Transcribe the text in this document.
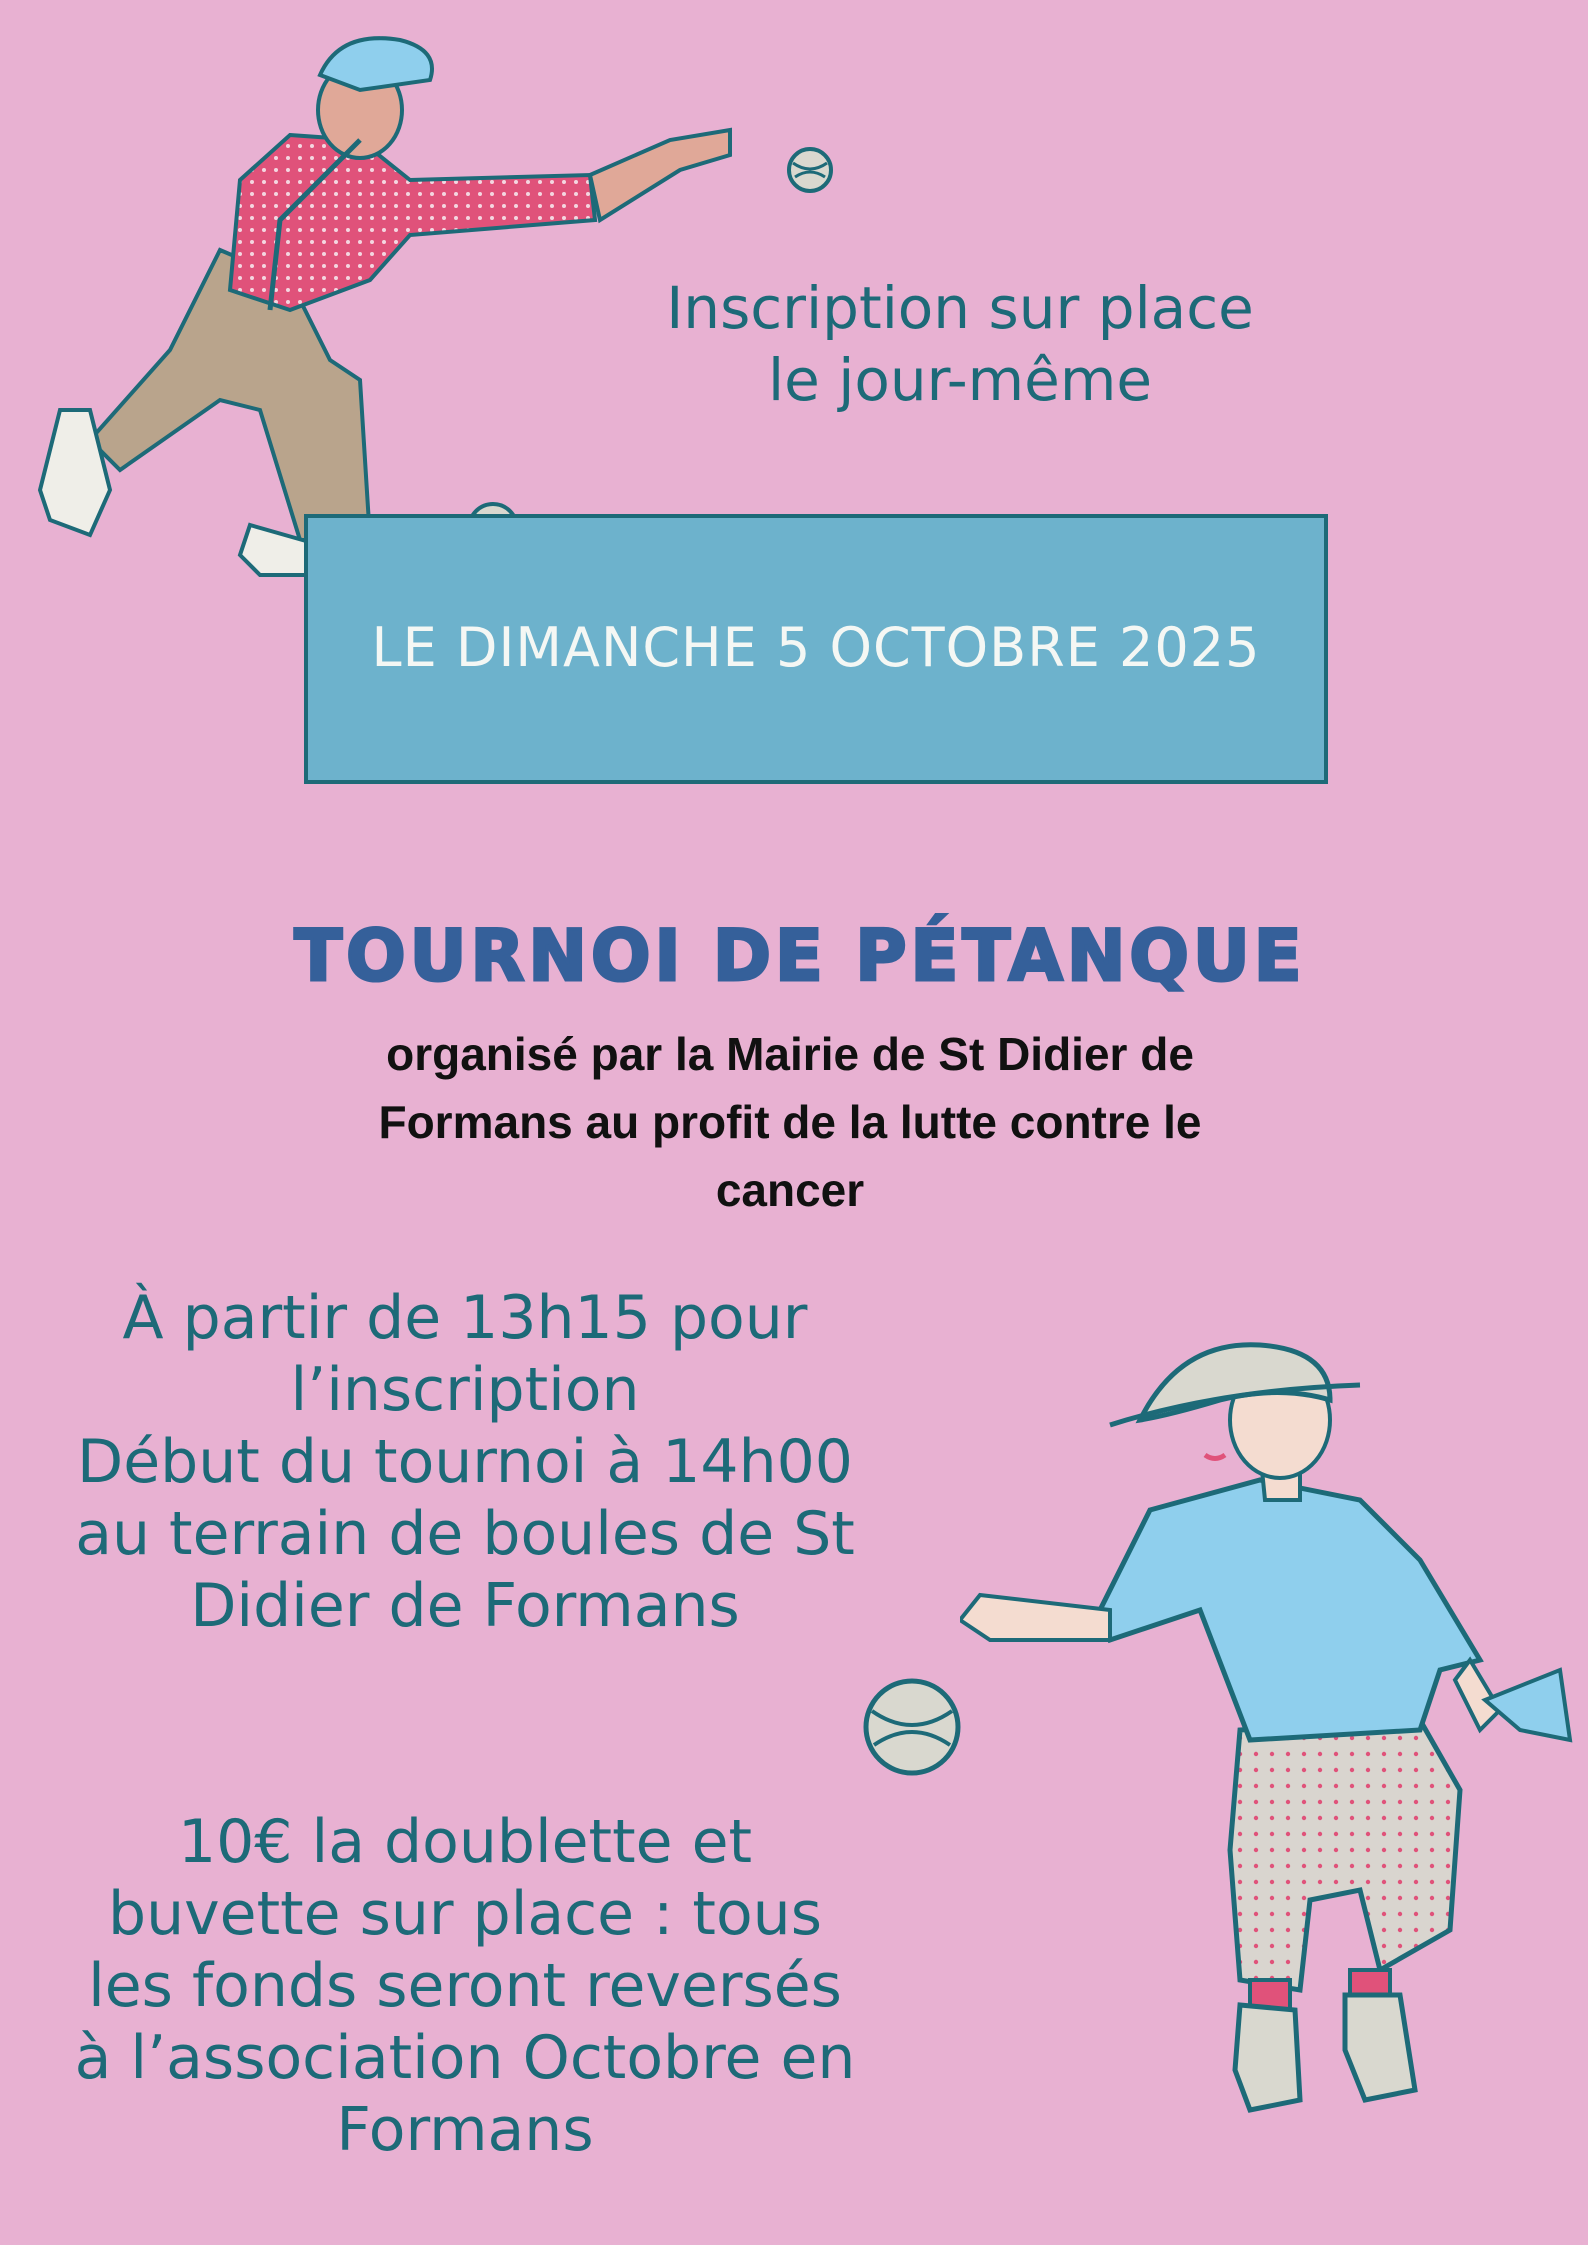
Inscription sur place
le jour-même
LE DIMANCHE 5 OCTOBRE 2025
TOURNOI DE PÉTANQUE
organisé par la Mairie de St Didier de
Formans au profit de la lutte contre le
cancer
À partir de 13h15 pour
l’inscription
Début du tournoi à 14h00
au terrain de boules de St
Didier de Formans
10€ la doublette et
buvette sur place : tous
les fonds seront reversés
à l’association Octobre en
Formans
